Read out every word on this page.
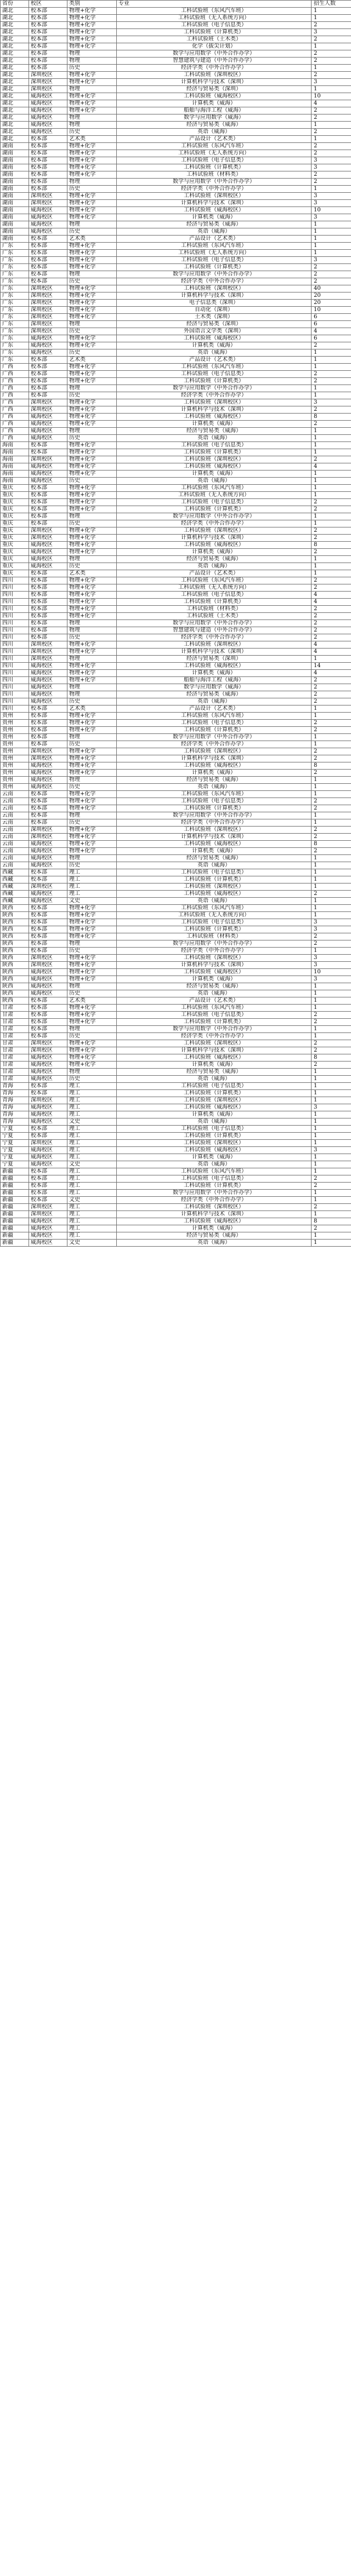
省份	校区	类别	专业	招生人数
湖北	校本部	物理+化学	工科试验班（东风汽车班）	1
湖北	校本部	物理+化学	工科试验班（无人系统方向）	1
湖北	校本部	物理+化学	工科试验班（电子信息类）	2
湖北	校本部	物理+化学	工科试验班（计算机类）	3
湖北	校本部	物理+化学	工科试验班（土木类）	2
湖北	校本部	物理+化学	化学（拔尖计划）	1
湖北	校本部	物理	数学与应用数学（中外合作办学）	2
湖北	校本部	物理	智慧建筑与建造（中外合作办学）	2
湖北	校本部	历史	经济学类（中外合作办学）	1
湖北	深圳校区	物理+化学	工科试验班（深圳校区）	2
湖北	深圳校区	物理+化学	计算机科学与技术（深圳）	3
湖北	深圳校区	物理	经济与贸易类（深圳）	1
湖北	威海校区	物理+化学	工科试验班（威海校区）	10
湖北	威海校区	物理+化学	计算机类（威海）	4
湖北	威海校区	物理+化学	船舶与海洋工程（威海）	2
湖北	威海校区	物理	数学与应用数学（威海）	2
湖北	威海校区	物理	经济与贸易类（威海）	1
湖北	威海校区	历史	英语（威海）	2
湖北	校本部	艺术类	产品设计（艺术类）	1
湖南	校本部	物理+化学	工科试验班（东风汽车班）	2
湖南	校本部	物理+化学	工科试验班（无人系统方向）	2
湖南	校本部	物理+化学	工科试验班（电子信息类）	3
湖南	校本部	物理+化学	工科试验班（计算机类）	3
湖南	校本部	物理+化学	工科试验班（材料类）	2
湖南	校本部	物理	数学与应用数学（中外合作办学）	2
湖南	校本部	历史	经济学类（中外合作办学）	1
湖南	深圳校区	物理+化学	工科试验班（深圳校区）	3
湖南	深圳校区	物理+化学	计算机科学与技术（深圳）	3
湖南	威海校区	物理+化学	工科试验班（威海校区）	10
湖南	威海校区	物理+化学	计算机类（威海）	3
湖南	威海校区	物理	经济与贸易类（威海）	1
湖南	威海校区	历史	英语（威海）	1
湖南	校本部	艺术类	产品设计（艺术类）	1
广东	校本部	物理+化学	工科试验班（东风汽车班）	1
广东	校本部	物理+化学	工科试验班（无人系统方向）	1
广东	校本部	物理+化学	工科试验班（电子信息类）	3
广东	校本部	物理+化学	工科试验班（计算机类）	2
广东	校本部	物理	数学与应用数学（中外合作办学）	2
广东	校本部	历史	经济学类（中外合作办学）	2
广东	深圳校区	物理+化学	工科试验班（深圳校区）	40
广东	深圳校区	物理+化学	计算机科学与技术（深圳）	20
广东	深圳校区	物理+化学	电子信息类（深圳）	20
广东	深圳校区	物理+化学	自动化（深圳）	10
广东	深圳校区	物理+化学	土木类（深圳）	6
广东	深圳校区	物理	经济与贸易类（深圳）	6
广东	深圳校区	历史	外国语言文学类（深圳）	4
广东	威海校区	物理+化学	工科试验班（威海校区）	6
广东	威海校区	物理+化学	计算机类（威海）	2
广东	威海校区	历史	英语（威海）	1
广东	校本部	艺术类	产品设计（艺术类）	1
广西	校本部	物理+化学	工科试验班（东风汽车班）	1
广西	校本部	物理+化学	工科试验班（电子信息类）	2
广西	校本部	物理+化学	工科试验班（计算机类）	2
广西	校本部	物理	数学与应用数学（中外合作办学）	1
广西	校本部	历史	经济学类（中外合作办学）	1
广西	深圳校区	物理+化学	工科试验班（深圳校区）	3
广西	深圳校区	物理+化学	计算机科学与技术（深圳）	2
广西	威海校区	物理+化学	工科试验班（威海校区）	8
广西	威海校区	物理+化学	计算机类（威海）	2
广西	威海校区	物理	经济与贸易类（威海）	1
广西	威海校区	历史	英语（威海）	1
海南	校本部	物理+化学	工科试验班（电子信息类）	1
海南	校本部	物理+化学	工科试验班（计算机类）	1
海南	深圳校区	物理+化学	工科试验班（深圳校区）	2
海南	威海校区	物理+化学	工科试验班（威海校区）	4
海南	威海校区	物理+化学	计算机类（威海）	1
海南	威海校区	历史	英语（威海）	1
重庆	校本部	物理+化学	工科试验班（东风汽车班）	1
重庆	校本部	物理+化学	工科试验班（无人系统方向）	1
重庆	校本部	物理+化学	工科试验班（电子信息类）	2
重庆	校本部	物理+化学	工科试验班（计算机类）	2
重庆	校本部	物理	数学与应用数学（中外合作办学）	1
重庆	校本部	历史	经济学类（中外合作办学）	1
重庆	深圳校区	物理+化学	工科试验班（深圳校区）	2
重庆	深圳校区	物理+化学	计算机科学与技术（深圳）	2
重庆	威海校区	物理+化学	工科试验班（威海校区）	8
重庆	威海校区	物理+化学	计算机类（威海）	2
重庆	威海校区	物理	经济与贸易类（威海）	1
重庆	威海校区	历史	英语（威海）	1
重庆	校本部	艺术类	产品设计（艺术类）	1
四川	校本部	物理+化学	工科试验班（东风汽车班）	2
四川	校本部	物理+化学	工科试验班（无人系统方向）	2
四川	校本部	物理+化学	工科试验班（电子信息类）	4
四川	校本部	物理+化学	工科试验班（计算机类）	4
四川	校本部	物理+化学	工科试验班（材料类）	2
四川	校本部	物理+化学	工科试验班（土木类）	2
四川	校本部	物理	数学与应用数学（中外合作办学）	2
四川	校本部	物理	智慧建筑与建造（中外合作办学）	2
四川	校本部	历史	经济学类（中外合作办学）	2
四川	深圳校区	物理+化学	工科试验班（深圳校区）	4
四川	深圳校区	物理+化学	计算机科学与技术（深圳）	4
四川	深圳校区	物理	经济与贸易类（深圳）	1
四川	威海校区	物理+化学	工科试验班（威海校区）	14
四川	威海校区	物理+化学	计算机类（威海）	4
四川	威海校区	物理+化学	船舶与海洋工程（威海）	2
四川	威海校区	物理	数学与应用数学（威海）	2
四川	威海校区	物理	经济与贸易类（威海）	2
四川	威海校区	历史	英语（威海）	2
四川	校本部	艺术类	产品设计（艺术类）	1
贵州	校本部	物理+化学	工科试验班（东风汽车班）	1
贵州	校本部	物理+化学	工科试验班（电子信息类）	2
贵州	校本部	物理+化学	工科试验班（计算机类）	2
贵州	校本部	物理	数学与应用数学（中外合作办学）	1
贵州	校本部	历史	经济学类（中外合作办学）	1
贵州	深圳校区	物理+化学	工科试验班（深圳校区）	2
贵州	深圳校区	物理+化学	计算机科学与技术（深圳）	2
贵州	威海校区	物理+化学	工科试验班（威海校区）	8
贵州	威海校区	物理+化学	计算机类（威海）	2
贵州	威海校区	物理	经济与贸易类（威海）	1
贵州	威海校区	历史	英语（威海）	1
云南	校本部	物理+化学	工科试验班（东风汽车班）	1
云南	校本部	物理+化学	工科试验班（电子信息类）	2
云南	校本部	物理+化学	工科试验班（计算机类）	2
云南	校本部	物理	数学与应用数学（中外合作办学）	1
云南	校本部	历史	经济学类（中外合作办学）	1
云南	深圳校区	物理+化学	工科试验班（深圳校区）	2
云南	深圳校区	物理+化学	计算机科学与技术（深圳）	2
云南	威海校区	物理+化学	工科试验班（威海校区）	8
云南	威海校区	物理+化学	计算机类（威海）	2
云南	威海校区	物理	经济与贸易类（威海）	1
云南	威海校区	历史	英语（威海）	1
西藏	校本部	理工	工科试验班（电子信息类）	1
西藏	校本部	理工	工科试验班（计算机类）	1
西藏	深圳校区	理工	工科试验班（深圳校区）	1
西藏	威海校区	理工	工科试验班（威海校区）	2
西藏	威海校区	文史	英语（威海）	1
陕西	校本部	物理+化学	工科试验班（东风汽车班）	1
陕西	校本部	物理+化学	工科试验班（无人系统方向）	1
陕西	校本部	物理+化学	工科试验班（电子信息类）	3
陕西	校本部	物理+化学	工科试验班（计算机类）	3
陕西	校本部	物理+化学	工科试验班（材料类）	2
陕西	校本部	物理	数学与应用数学（中外合作办学）	2
陕西	校本部	历史	经济学类（中外合作办学）	1
陕西	深圳校区	物理+化学	工科试验班（深圳校区）	3
陕西	深圳校区	物理+化学	计算机科学与技术（深圳）	3
陕西	威海校区	物理+化学	工科试验班（威海校区）	10
陕西	威海校区	物理+化学	计算机类（威海）	3
陕西	威海校区	物理	经济与贸易类（威海）	1
陕西	威海校区	历史	英语（威海）	1
陕西	校本部	艺术类	产品设计（艺术类）	1
甘肃	校本部	物理+化学	工科试验班（东风汽车班）	1
甘肃	校本部	物理+化学	工科试验班（电子信息类）	2
甘肃	校本部	物理+化学	工科试验班（计算机类）	2
甘肃	校本部	物理	数学与应用数学（中外合作办学）	1
甘肃	校本部	历史	经济学类（中外合作办学）	1
甘肃	深圳校区	物理+化学	工科试验班（深圳校区）	2
甘肃	深圳校区	物理+化学	计算机科学与技术（深圳）	2
甘肃	威海校区	物理+化学	工科试验班（威海校区）	8
甘肃	威海校区	物理+化学	计算机类（威海）	2
甘肃	威海校区	物理	经济与贸易类（威海）	1
甘肃	威海校区	历史	英语（威海）	1
青海	校本部	理工	工科试验班（电子信息类）	1
青海	校本部	理工	工科试验班（计算机类）	1
青海	深圳校区	理工	工科试验班（深圳校区）	1
青海	威海校区	理工	工科试验班（威海校区）	3
青海	威海校区	理工	计算机类（威海）	1
青海	威海校区	文史	英语（威海）	1
宁夏	校本部	理工	工科试验班（电子信息类）	1
宁夏	校本部	理工	工科试验班（计算机类）	1
宁夏	深圳校区	理工	工科试验班（深圳校区）	1
宁夏	威海校区	理工	工科试验班（威海校区）	3
宁夏	威海校区	理工	计算机类（威海）	1
宁夏	威海校区	文史	英语（威海）	1
新疆	校本部	理工	工科试验班（东风汽车班）	1
新疆	校本部	理工	工科试验班（电子信息类）	2
新疆	校本部	理工	工科试验班（计算机类）	2
新疆	校本部	理工	数学与应用数学（中外合作办学）	1
新疆	校本部	文史	经济学类（中外合作办学）	1
新疆	深圳校区	理工	工科试验班（深圳校区）	2
新疆	深圳校区	理工	计算机科学与技术（深圳）	1
新疆	威海校区	理工	工科试验班（威海校区）	8
新疆	威海校区	理工	计算机类（威海）	2
新疆	威海校区	理工	经济与贸易类（威海）	1
新疆	威海校区	文史	英语（威海）	1
